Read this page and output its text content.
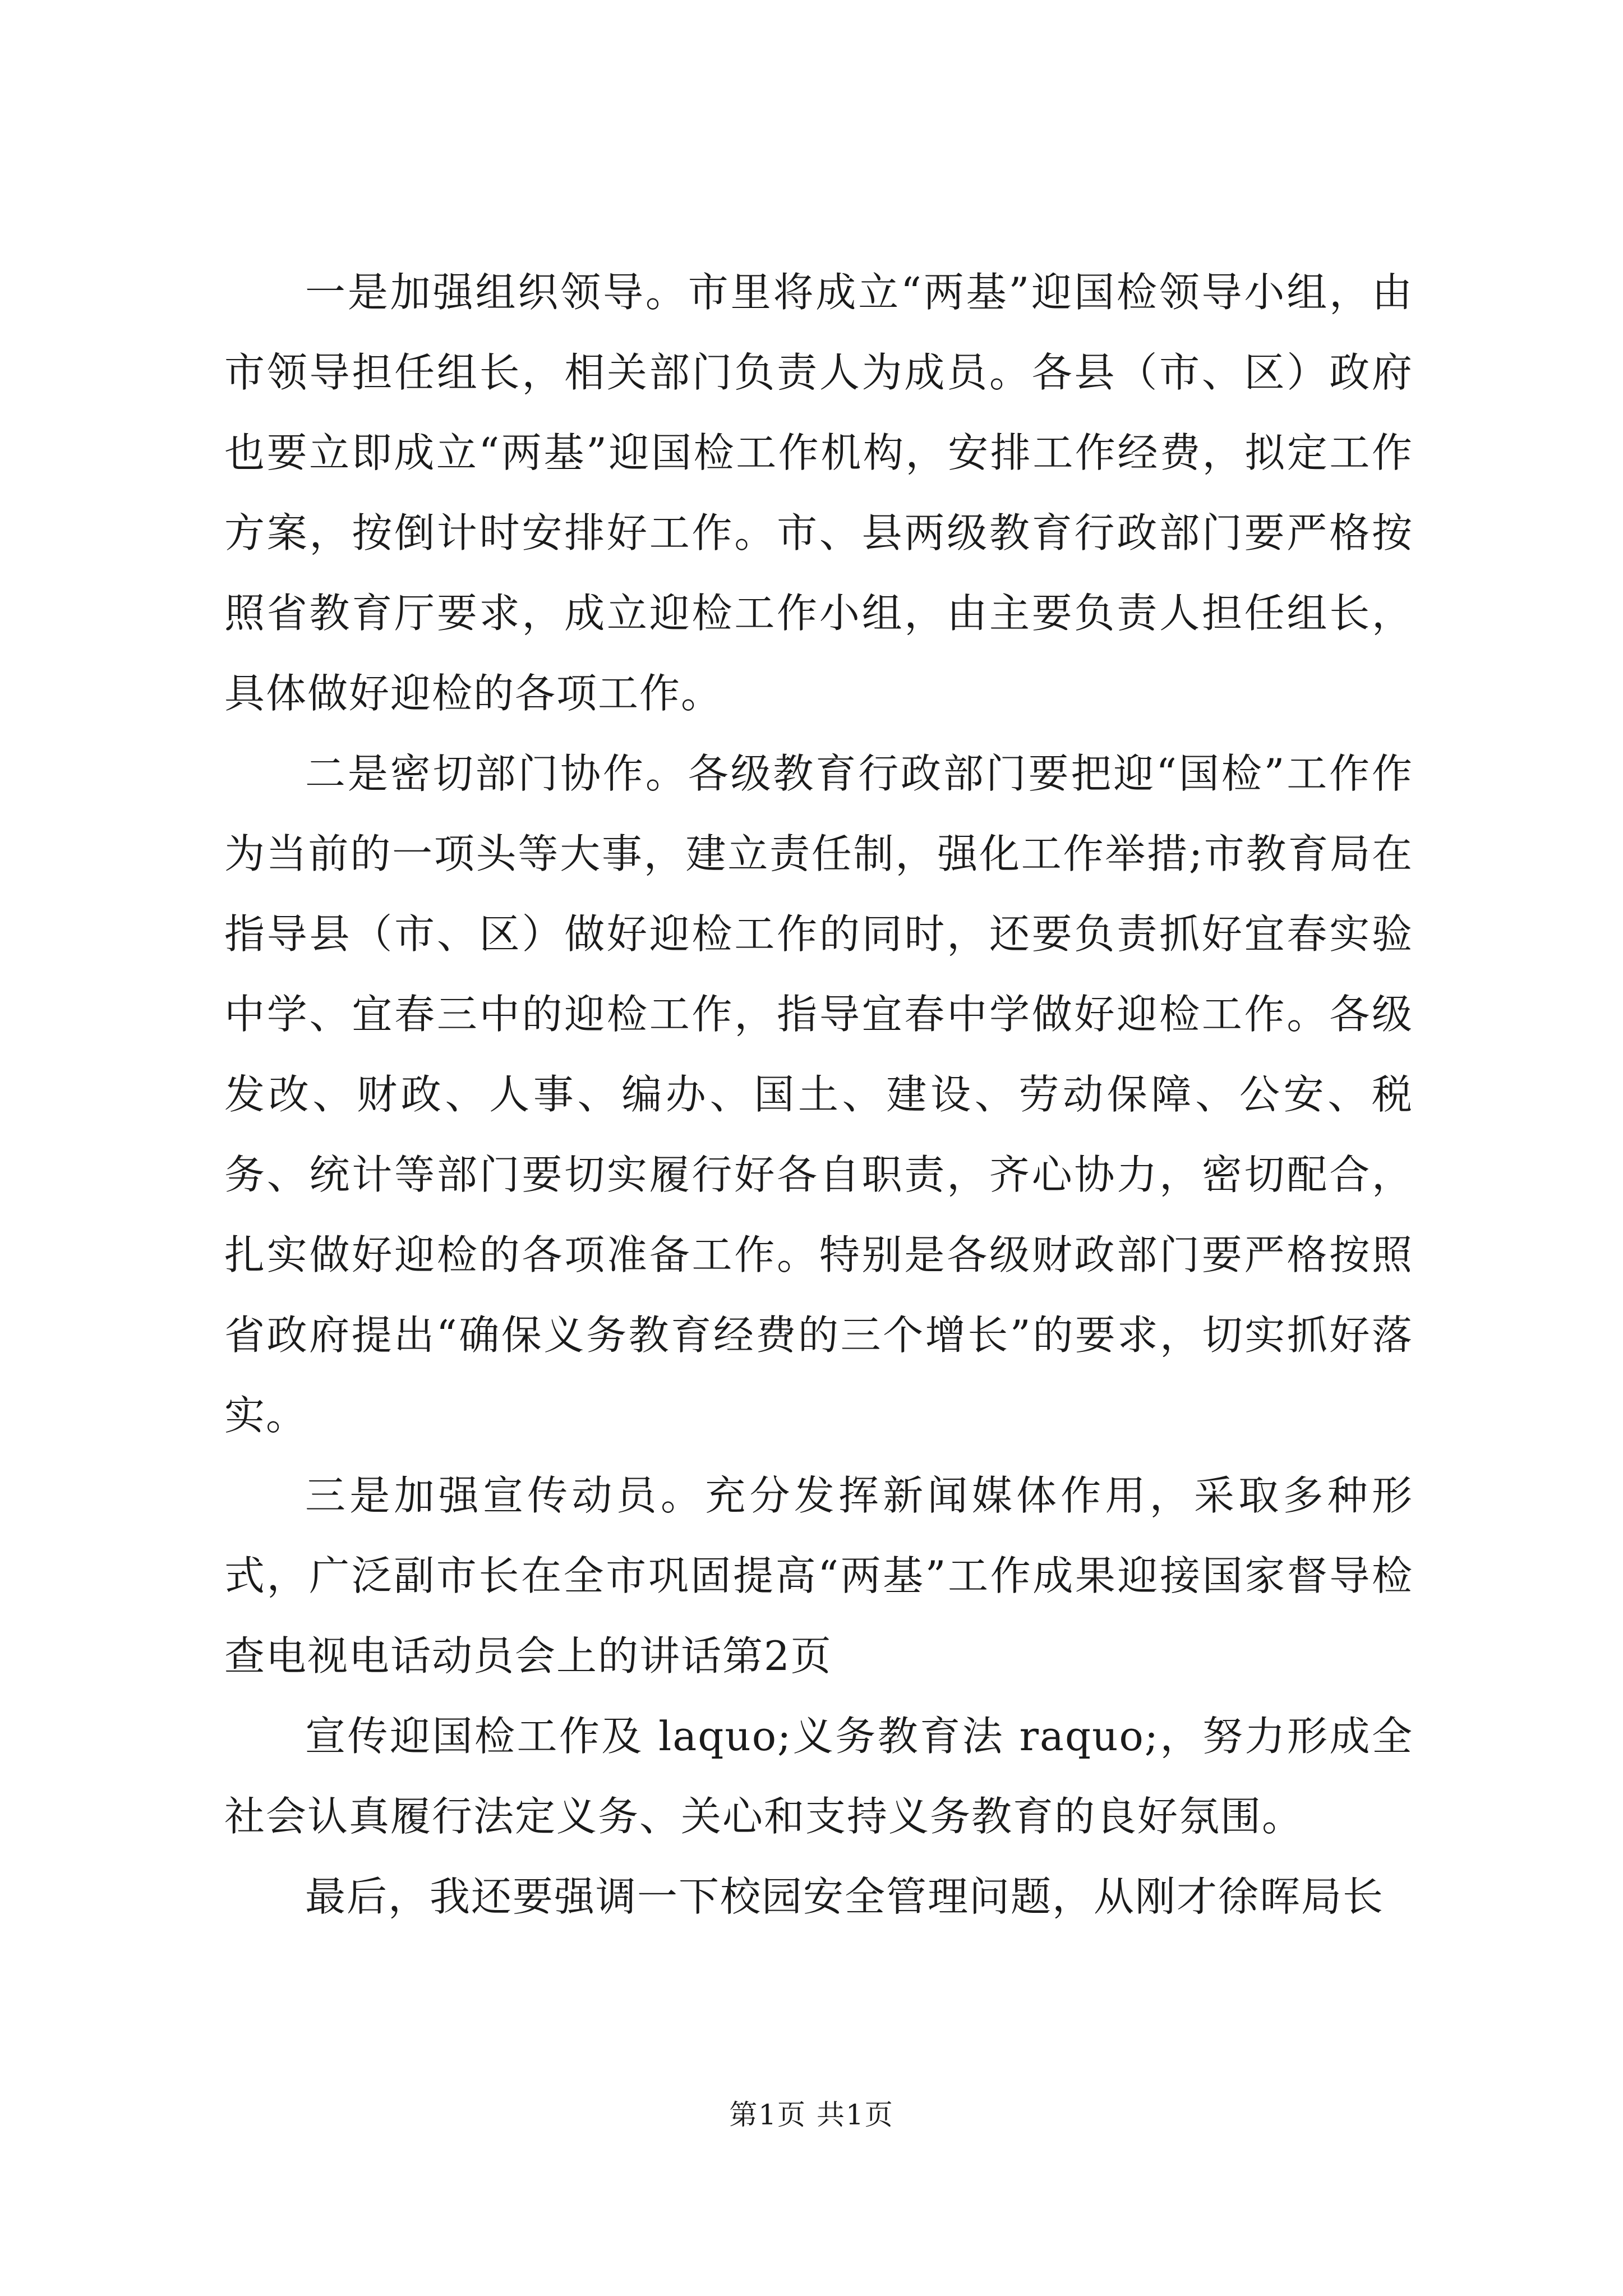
一是加强组织领导。市里将成立“两基”迎国检领导小组，由市领导担任组长，相关部门负责人为成员。各县（市、区）政府也要立即成立“两基”迎国检工作机构，安排工作经费，拟定工作方案，按倒计时安排好工作。市、县两级教育行政部门要严格按照省教育厅要求，成立迎检工作小组，由主要负责人担任组长，具体做好迎检的各项工作。

二是密切部门协作。各级教育行政部门要把迎“国检”工作作为当前的一项头等大事，建立责任制，强化工作举措;市教育局在指导县（市、区）做好迎检工作的同时，还要负责抓好宜春实验中学、宜春三中的迎检工作，指导宜春中学做好迎检工作。各级发改、财政、人事、编办、国土、建设、劳动保障、公安、税务、统计等部门要切实履行好各自职责，齐心协力，密切配合，扎实做好迎检的各项准备工作。特别是各级财政部门要严格按照省政府提出“确保义务教育经费的三个增长”的要求，切实抓好落实。

三是加强宣传动员。充分发挥新闻媒体作用，采取多种形式，广泛副市长在全市巩固提高“两基”工作成果迎接国家督导检查电视电话动员会上的讲话第2页

宣传迎国检工作及 laquo;义务教育法 raquo;，努力形成全社会认真履行法定义务、关心和支持义务教育的良好氛围。

最后，我还要强调一下校园安全管理问题，从刚才徐晖局长

第1页 共1页
